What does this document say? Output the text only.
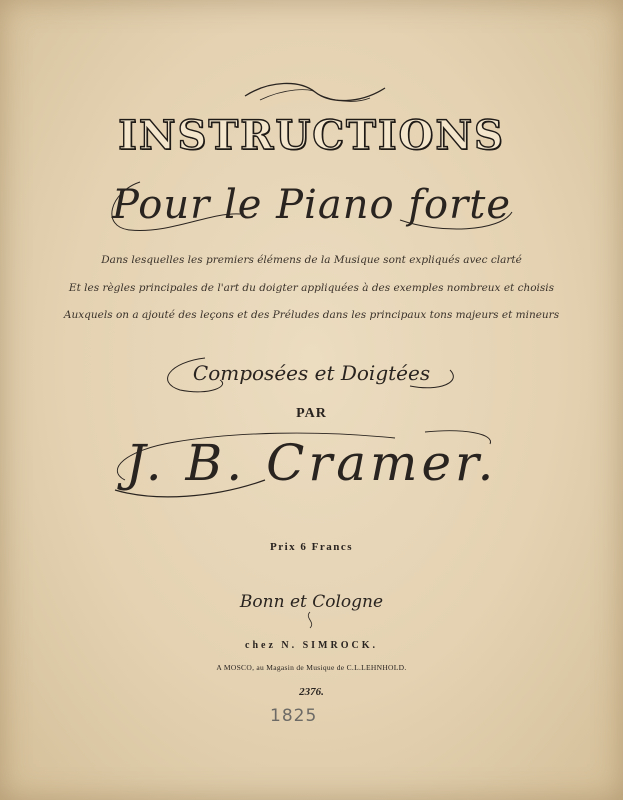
INSTRUCTIONS
Pour le Piano forte
Dans lesquelles les premiers élémens de la Musique sont expliqués avec clarté
Et les règles principales de l'art du doigter appliquées à des exemples nombreux et choisis
Auxquels on a ajouté des leçons et des Préludes dans les principaux tons majeurs et mineurs
Composées et Doigtées
PAR
J. B. Cramer.
Prix 6 Francs
Bonn et Cologne
chez N. SIMROCK.
A MOSCO, au Magasin de Musique de C.L.LEHNHOLD.
2376.
1825
